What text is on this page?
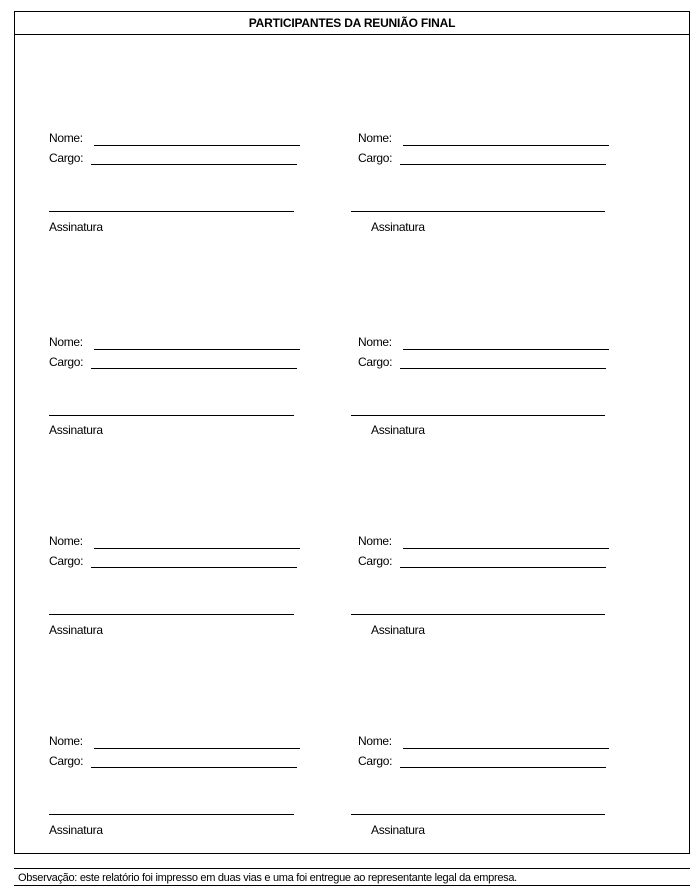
PARTICIPANTES DA REUNIÃO FINAL
Nome:
Cargo:
Assinatura
Nome:
Cargo:
Assinatura
Nome:
Cargo:
Assinatura
Nome:
Cargo:
Assinatura
Nome:
Cargo:
Assinatura
Nome:
Cargo:
Assinatura
Nome:
Cargo:
Assinatura
Nome:
Cargo:
Assinatura
Observação: este relatório foi impresso em duas vias e uma foi entregue ao representante legal da empresa.
